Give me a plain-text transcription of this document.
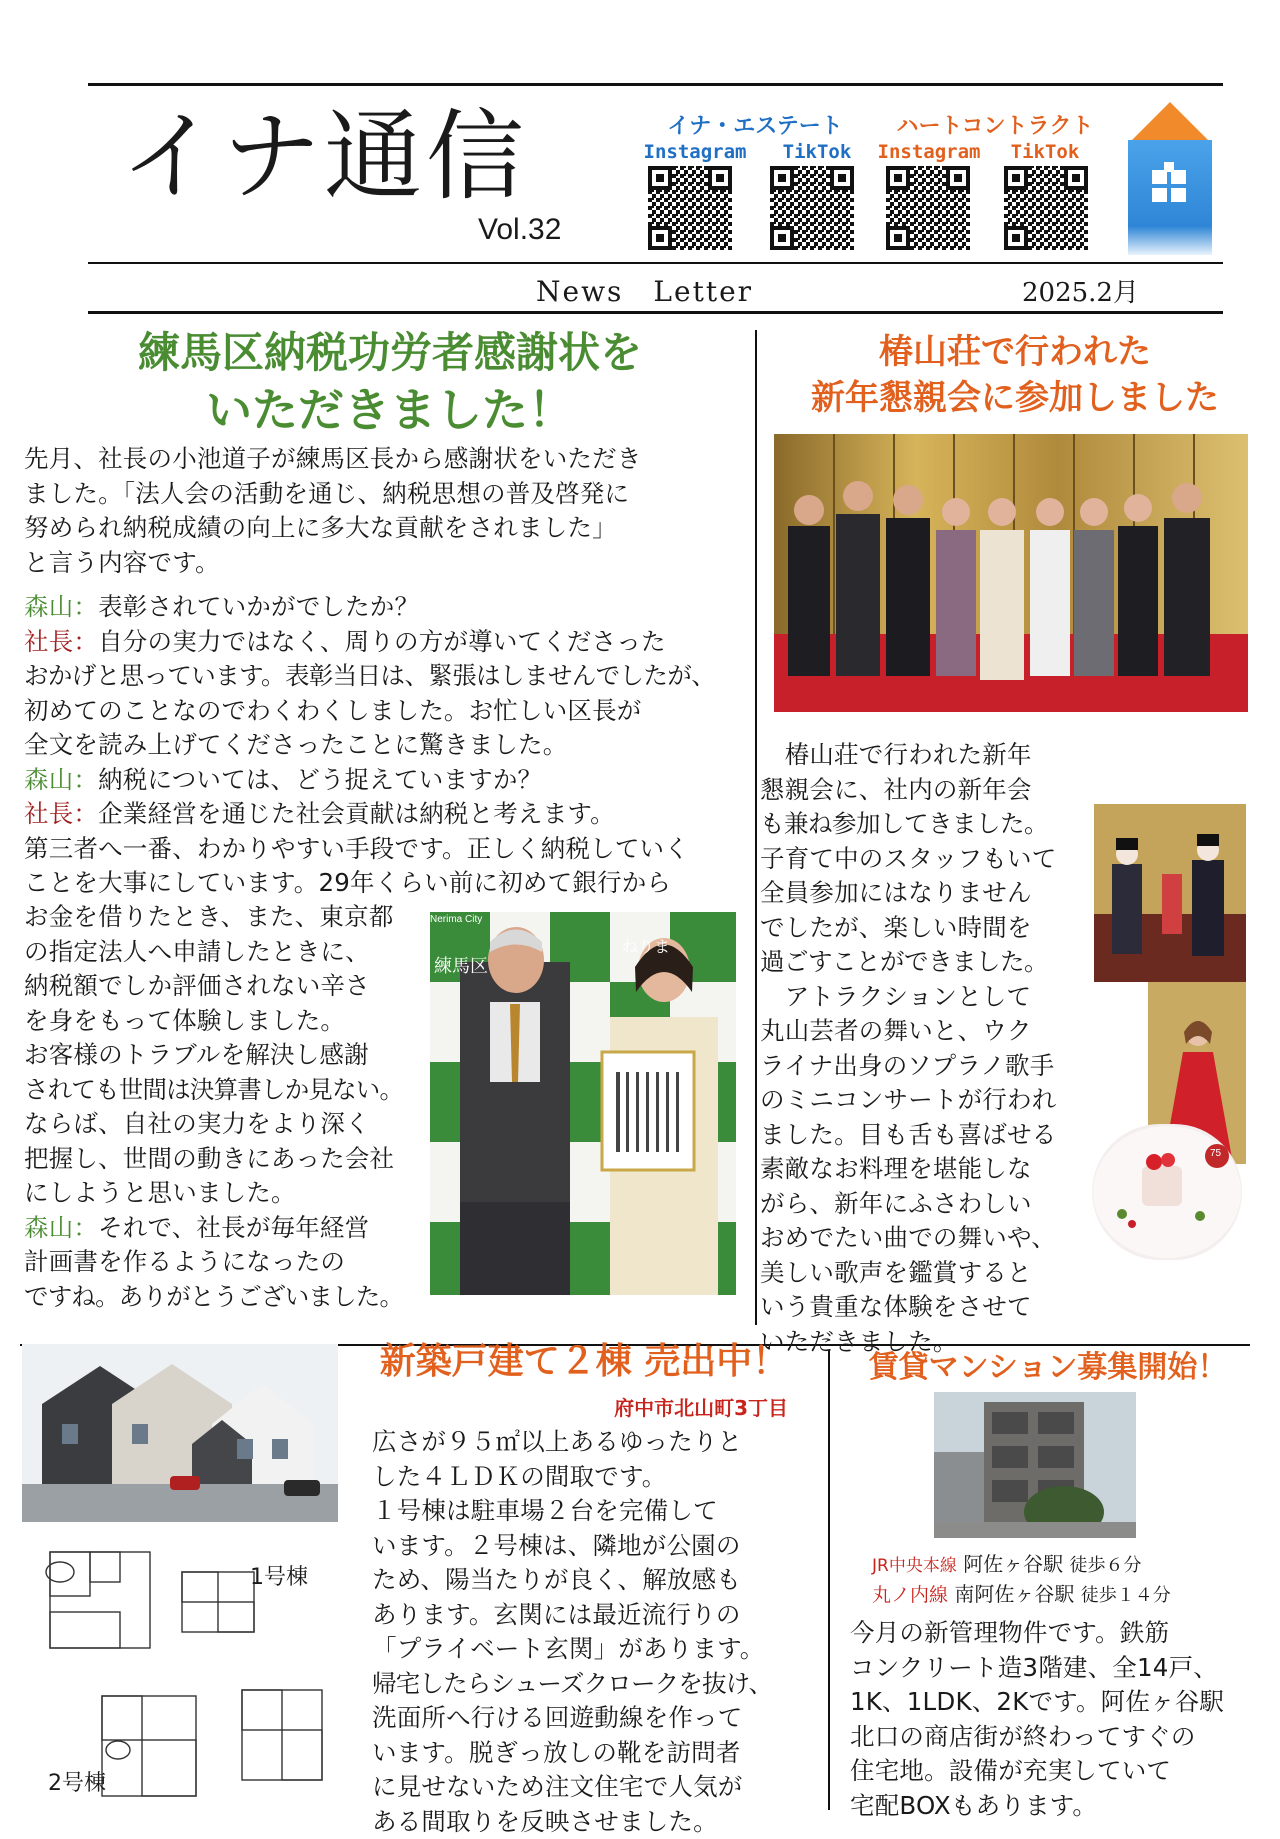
イナ通信
Vol.32
イナ・エステート
Instagram	TikTok
ハートコントラクト
Instagram	TikTok
News　Letter	2025.2月
練馬区納税功労者感謝状を
いただきました！
先月、社長の小池道子が練馬区長から感謝状をいただき
ました。「法人会の活動を通じ、納税思想の普及啓発に
努められ納税成績の向上に多大な貢献をされました」
と言う内容です。
森山：表彰されていかがでしたか？
社長：自分の実力ではなく、周りの方が導いてくださった
おかげと思っています。表彰当日は、緊張はしませんでしたが、
初めてのことなのでわくわくしました。お忙しい区長が
全文を読み上げてくださったことに驚きました。
森山：納税については、どう捉えていますか？
社長：企業経営を通じた社会貢献は納税と考えます。
第三者へ一番、わかりやすい手段です。正しく納税していく
ことを大事にしています。29年くらい前に初めて銀行から
お金を借りたとき、また、東京都
の指定法人へ申請したときに、
納税額でしか評価されない辛さ
を身をもって体験しました。
お客様のトラブルを解決し感謝
されても世間は決算書しか見ない。
ならば、自社の実力をより深く
把握し、世間の動きにあった会社
にしようと思いました。
森山：それで、社長が毎年経営
計画書を作るようになったの
ですね。ありがとうございました。
Nerima City
練馬区
ねりま
椿山荘で行われた
新年懇親会に参加しました
　椿山荘で行われた新年
懇親会に、社内の新年会
も兼ね参加してきました。
子育て中のスタッフもいて
全員参加にはなりません
でしたが、楽しい時間を
過ごすことができました。
　アトラクションとして
丸山芸者の舞いと、ウク
ライナ出身のソプラノ歌手
のミニコンサートが行われ
ました。目も舌も喜ばせる
素敵なお料理を堪能しな
がら、新年にふさわしい
おめでたい曲での舞いや、
美しい歌声を鑑賞すると
いう貴重な体験をさせて
いただきました。
75
1号棟
2号棟
新築戸建て２棟 売出中！
府中市北山町3丁目
広さが９５㎡以上あるゆったりと
した４ＬＤＫの間取です。
１号棟は駐車場２台を完備して
います。２号棟は、隣地が公園の
ため、陽当たりが良く、解放感も
あります。玄関には最近流行りの
「プライベート玄関」があります。
帰宅したらシューズクロークを抜け、
洗面所へ行ける回遊動線を作って
います。脱ぎっ放しの靴を訪問者
に見せないため注文住宅で人気が
ある間取りを反映させました。
賃貸マンション募集開始！
JR中央本線 阿佐ヶ谷駅 徒歩６分
丸ノ内線 南阿佐ヶ谷駅 徒歩１４分
今月の新管理物件です。鉄筋
コンクリート造3階建、全14戸、
1K、1LDK、2Kです。阿佐ヶ谷駅
北口の商店街が終わってすぐの
住宅地。設備が充実していて
宅配BOXもあります。
